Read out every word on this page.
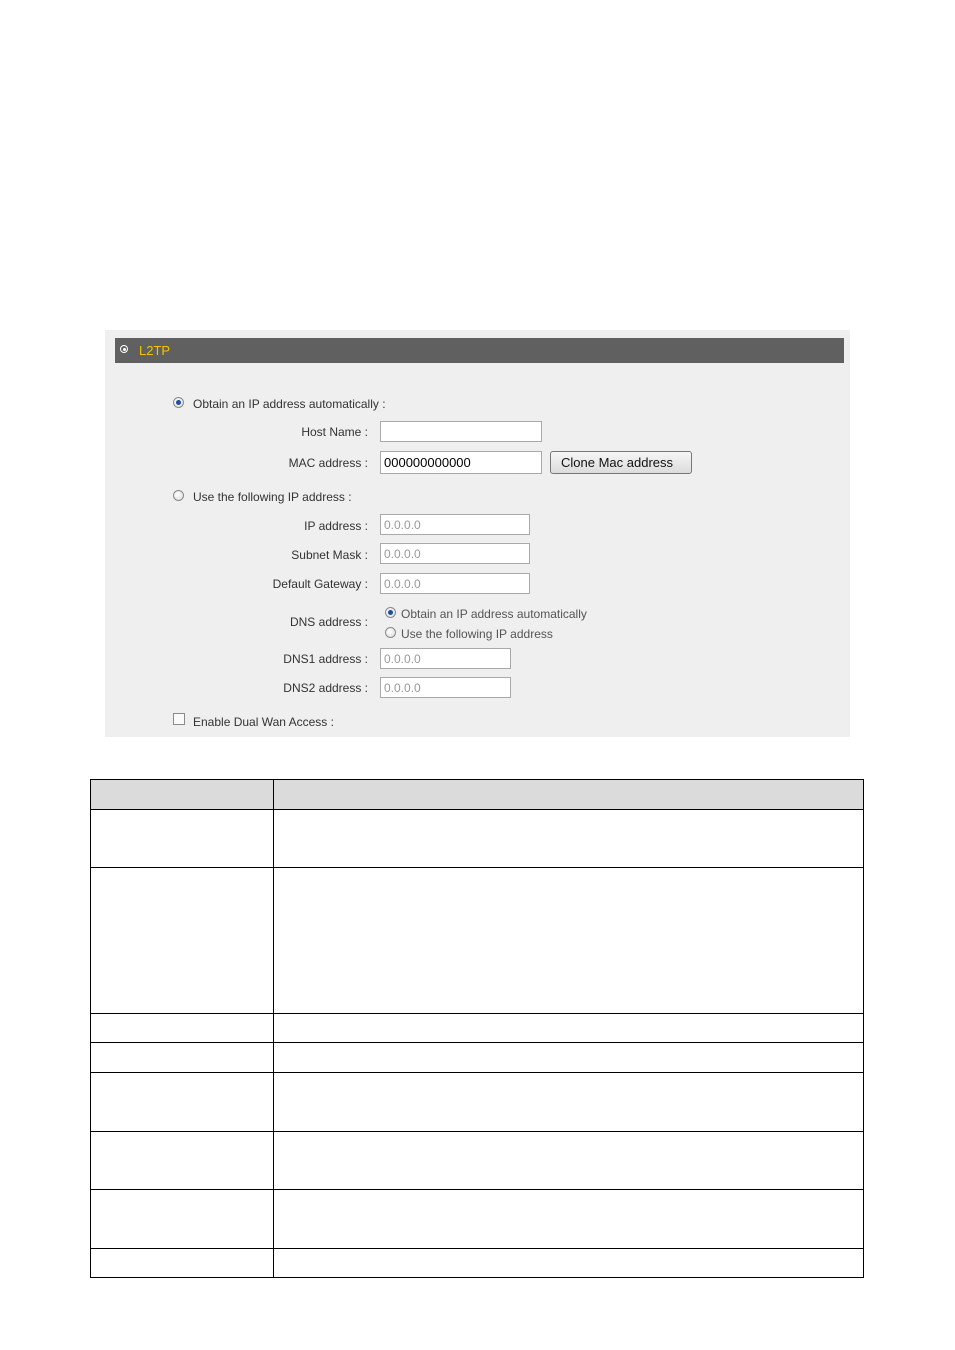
L2TP
Obtain an IP address automatically :
Host Name :
MAC address :	000000000000	Clone Mac address
Use the following IP address :
IP address :	0.0.0.0
Subnet Mask :	0.0.0.0
Default Gateway :	0.0.0.0
DNS address :
Obtain an IP address automatically
Use the following IP address
DNS1 address :	0.0.0.0
DNS2 address :	0.0.0.0
Enable Dual Wan Access :
